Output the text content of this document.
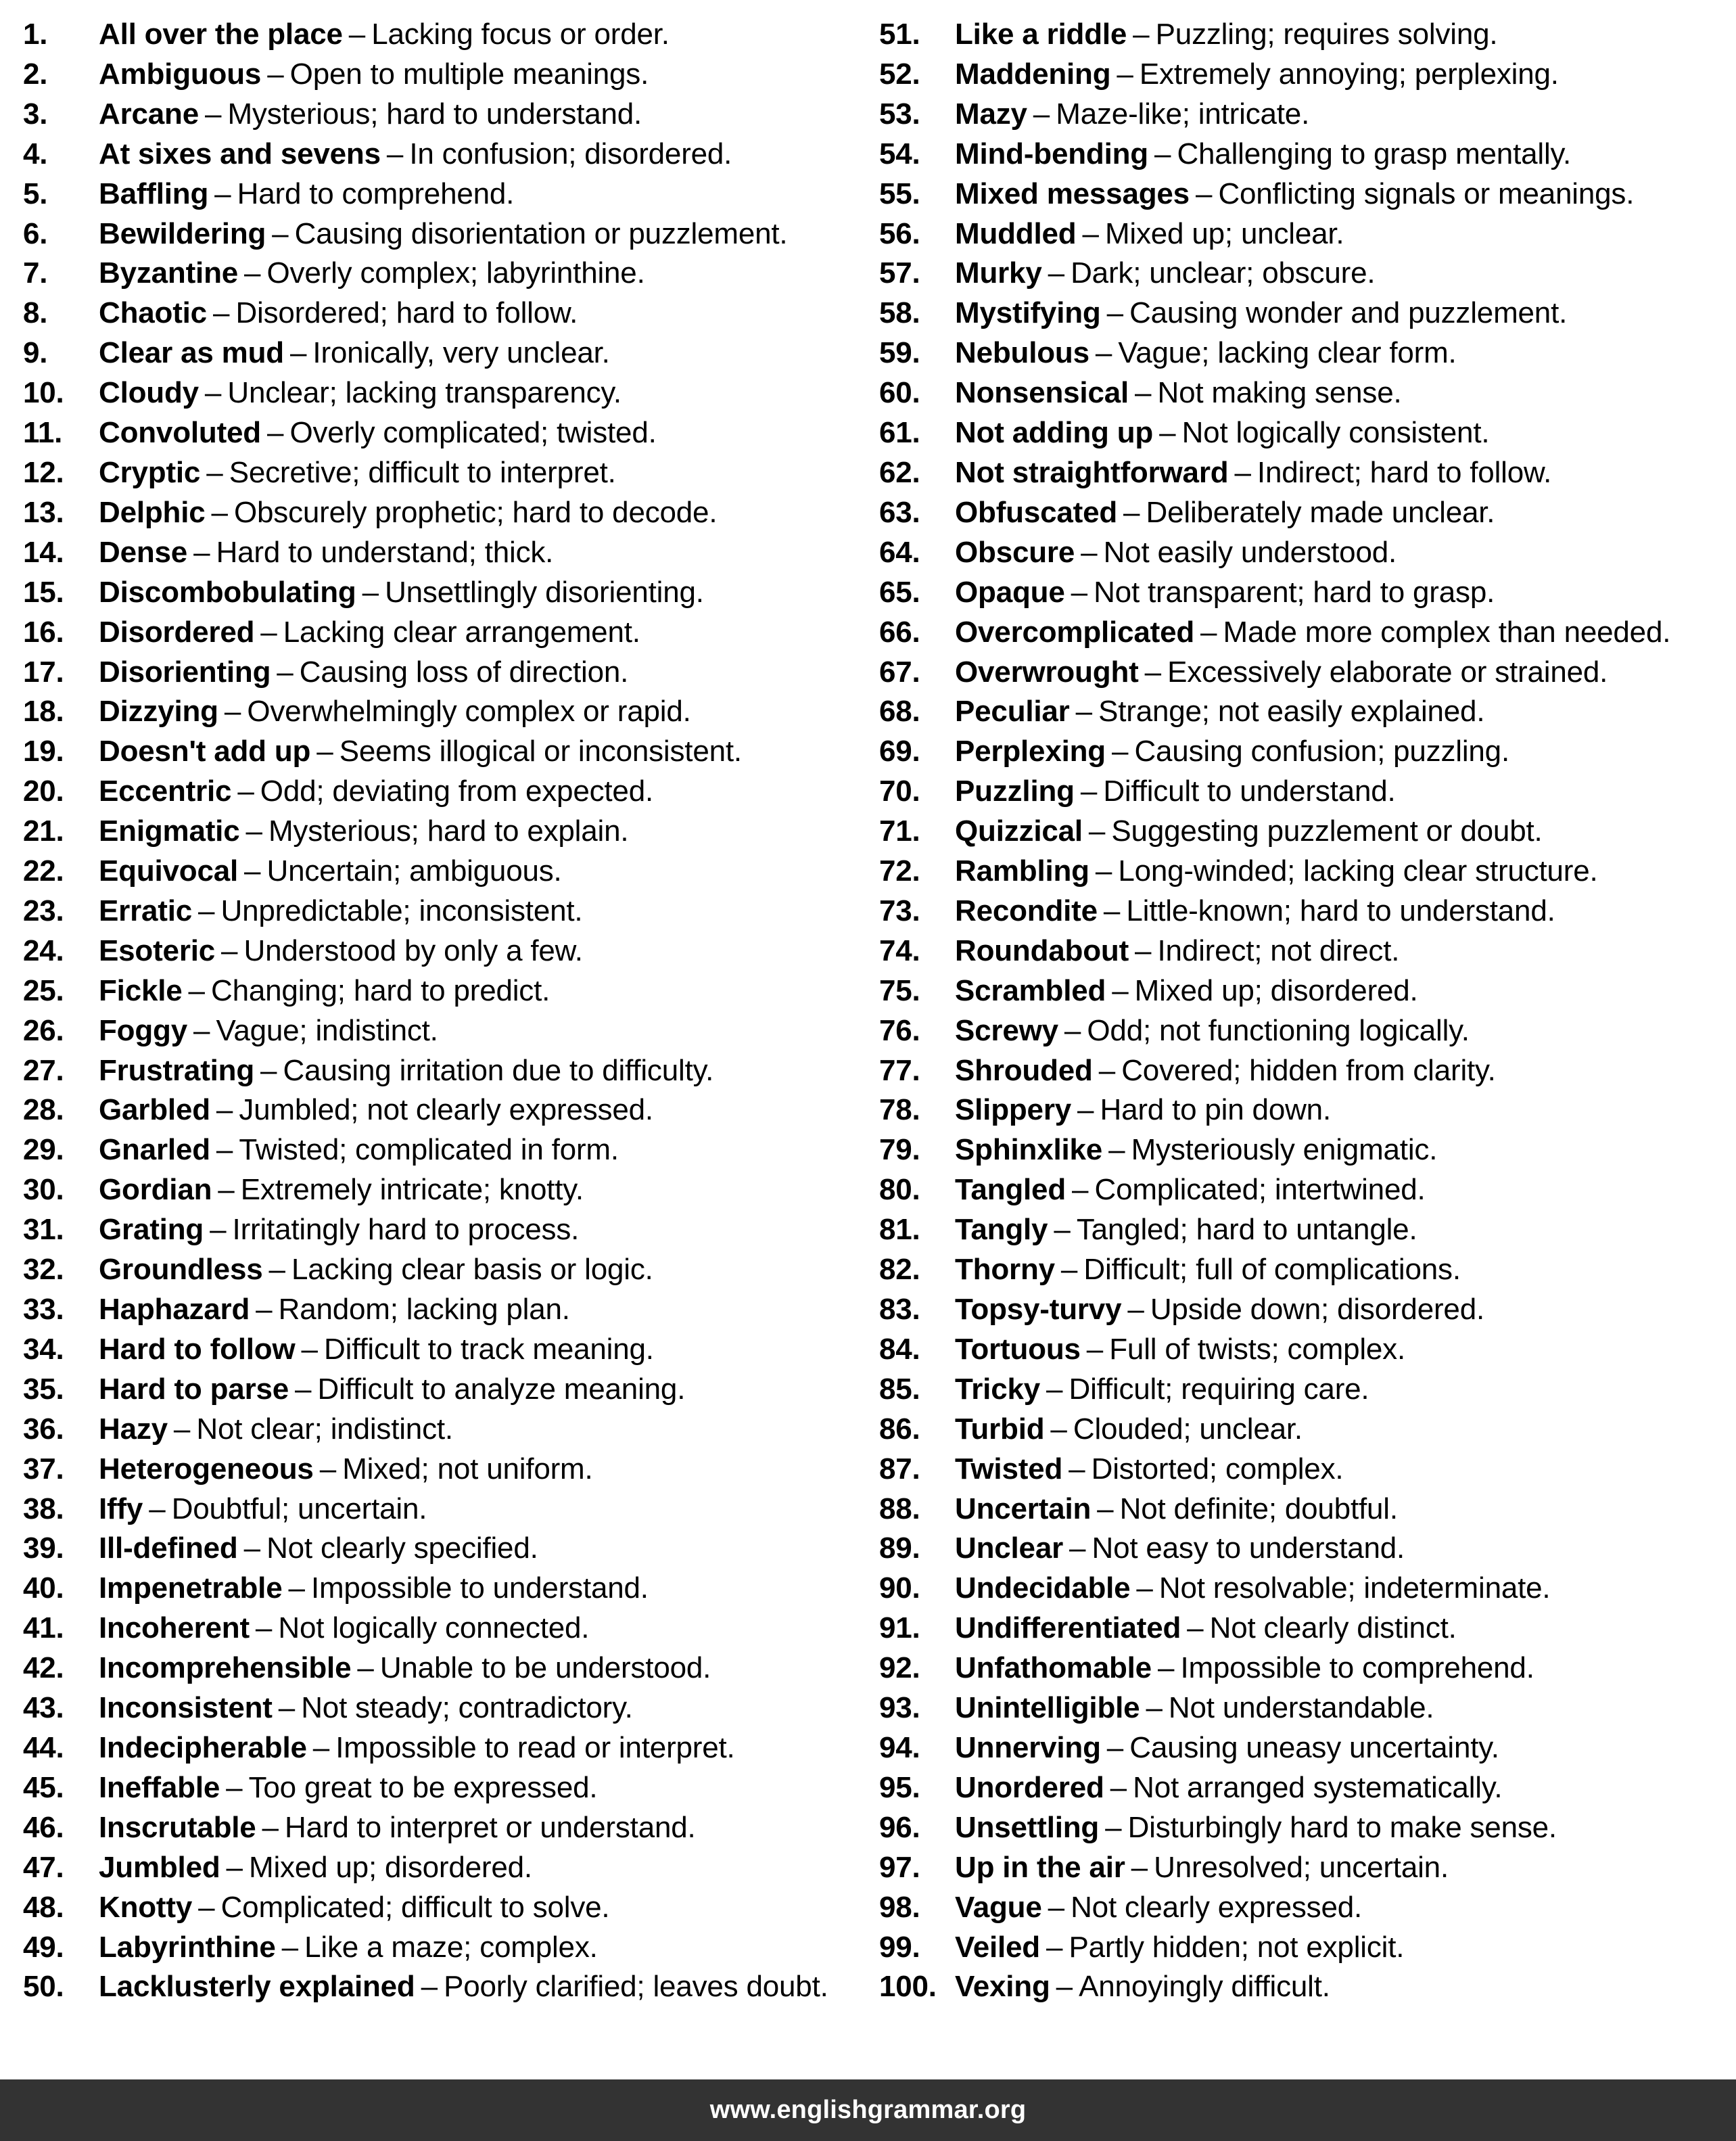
1.	All over the place – Lacking focus or order.
2.	Ambiguous – Open to multiple meanings.
3.	Arcane – Mysterious; hard to understand.
4.	At sixes and sevens – In confusion; disordered.
5.	Baffling – Hard to comprehend.
6.	Bewildering – Causing disorientation or puzzlement.
7.	Byzantine – Overly complex; labyrinthine.
8.	Chaotic – Disordered; hard to follow.
9.	Clear as mud – Ironically, very unclear.
10.	Cloudy – Unclear; lacking transparency.
11.	Convoluted – Overly complicated; twisted.
12.	Cryptic – Secretive; difficult to interpret.
13.	Delphic – Obscurely prophetic; hard to decode.
14.	Dense – Hard to understand; thick.
15.	Discombobulating – Unsettlingly disorienting.
16.	Disordered – Lacking clear arrangement.
17.	Disorienting – Causing loss of direction.
18.	Dizzying – Overwhelmingly complex or rapid.
19.	Doesn't add up – Seems illogical or inconsistent.
20.	Eccentric – Odd; deviating from expected.
21.	Enigmatic – Mysterious; hard to explain.
22.	Equivocal – Uncertain; ambiguous.
23.	Erratic – Unpredictable; inconsistent.
24.	Esoteric – Understood by only a few.
25.	Fickle – Changing; hard to predict.
26.	Foggy – Vague; indistinct.
27.	Frustrating – Causing irritation due to difficulty.
28.	Garbled – Jumbled; not clearly expressed.
29.	Gnarled – Twisted; complicated in form.
30.	Gordian – Extremely intricate; knotty.
31.	Grating – Irritatingly hard to process.
32.	Groundless – Lacking clear basis or logic.
33.	Haphazard – Random; lacking plan.
34.	Hard to follow – Difficult to track meaning.
35.	Hard to parse – Difficult to analyze meaning.
36.	Hazy – Not clear; indistinct.
37.	Heterogeneous – Mixed; not uniform.
38.	Iffy – Doubtful; uncertain.
39.	Ill-defined – Not clearly specified.
40.	Impenetrable – Impossible to understand.
41.	Incoherent – Not logically connected.
42.	Incomprehensible – Unable to be understood.
43.	Inconsistent – Not steady; contradictory.
44.	Indecipherable – Impossible to read or interpret.
45.	Ineffable – Too great to be expressed.
46.	Inscrutable – Hard to interpret or understand.
47.	Jumbled – Mixed up; disordered.
48.	Knotty – Complicated; difficult to solve.
49.	Labyrinthine – Like a maze; complex.
50.	Lacklusterly explained – Poorly clarified; leaves doubt.
51.	Like a riddle – Puzzling; requires solving.
52.	Maddening – Extremely annoying; perplexing.
53.	Mazy – Maze-like; intricate.
54.	Mind-bending – Challenging to grasp mentally.
55.	Mixed messages – Conflicting signals or meanings.
56.	Muddled – Mixed up; unclear.
57.	Murky – Dark; unclear; obscure.
58.	Mystifying – Causing wonder and puzzlement.
59.	Nebulous – Vague; lacking clear form.
60.	Nonsensical – Not making sense.
61.	Not adding up – Not logically consistent.
62.	Not straightforward – Indirect; hard to follow.
63.	Obfuscated – Deliberately made unclear.
64.	Obscure – Not easily understood.
65.	Opaque – Not transparent; hard to grasp.
66.	Overcomplicated – Made more complex than needed.
67.	Overwrought – Excessively elaborate or strained.
68.	Peculiar – Strange; not easily explained.
69.	Perplexing – Causing confusion; puzzling.
70.	Puzzling – Difficult to understand.
71.	Quizzical – Suggesting puzzlement or doubt.
72.	Rambling – Long-winded; lacking clear structure.
73.	Recondite – Little-known; hard to understand.
74.	Roundabout – Indirect; not direct.
75.	Scrambled – Mixed up; disordered.
76.	Screwy – Odd; not functioning logically.
77.	Shrouded – Covered; hidden from clarity.
78.	Slippery – Hard to pin down.
79.	Sphinxlike – Mysteriously enigmatic.
80.	Tangled – Complicated; intertwined.
81.	Tangly – Tangled; hard to untangle.
82.	Thorny – Difficult; full of complications.
83.	Topsy-turvy – Upside down; disordered.
84.	Tortuous – Full of twists; complex.
85.	Tricky – Difficult; requiring care.
86.	Turbid – Clouded; unclear.
87.	Twisted – Distorted; complex.
88.	Uncertain – Not definite; doubtful.
89.	Unclear – Not easy to understand.
90.	Undecidable – Not resolvable; indeterminate.
91.	Undifferentiated – Not clearly distinct.
92.	Unfathomable – Impossible to comprehend.
93.	Unintelligible – Not understandable.
94.	Unnerving – Causing uneasy uncertainty.
95.	Unordered – Not arranged systematically.
96.	Unsettling – Disturbingly hard to make sense.
97.	Up in the air – Unresolved; uncertain.
98.	Vague – Not clearly expressed.
99.	Veiled – Partly hidden; not explicit.
100. Vexing – Annoyingly difficult.
www.englishgrammar.org
